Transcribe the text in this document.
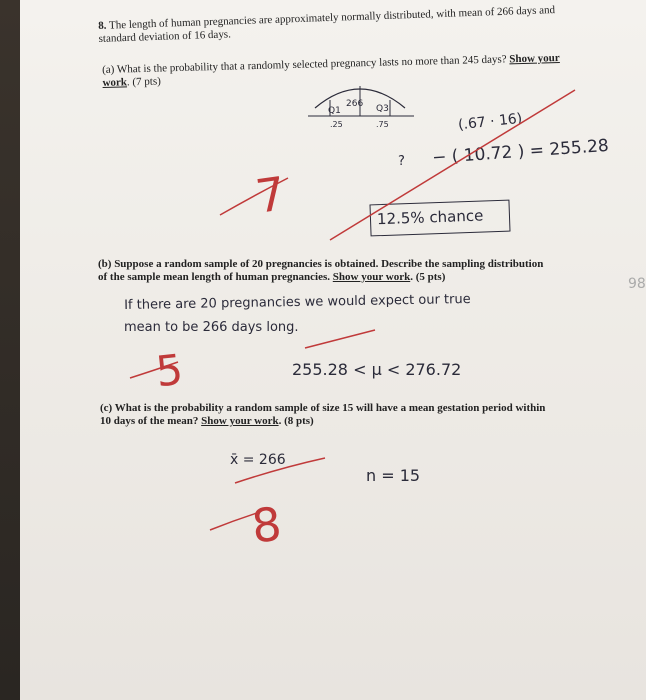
8. The length of human pregnancies are approximately normally distributed, with mean of 266 days and standard deviation of 16 days.
(a) What is the probability that a randomly selected pregnancy lasts no more than 245 days? Show your work. (7 pts)
(b) Suppose a random sample of 20 pregnancies is obtained. Describe the sampling distribution
of the sample mean length of human pregnancies. Show your work. (5 pts)
(c) What is the probability a random sample of size 15 will have a mean gestation period within
10 days of the mean? Show your work. (8 pts)
Q1
266 Q3
.25	.75	(.67 · 16)
? − ( 10.72 ) = 255.28
12.5% chance
If there are 20 pregnancies we would expect our true
mean to be 266 days long.
255.28 < μ < 276.72
x̄ = 266
n = 15
7
5
8
98
